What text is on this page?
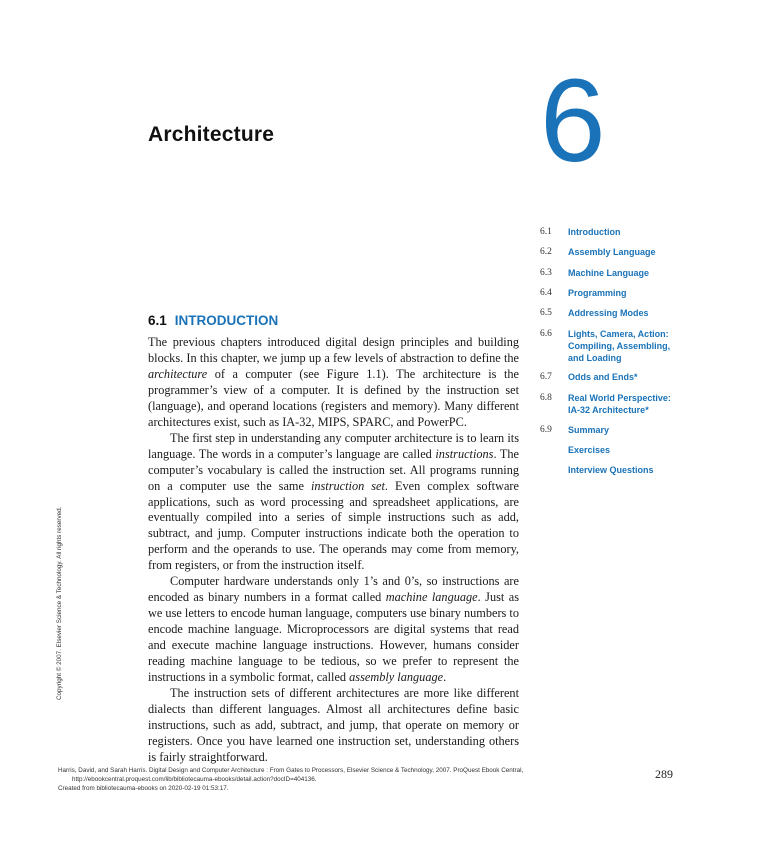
Architecture 6
6.1	Introduction
6.2	Assembly Language
6.3	Machine Language
6.4	Programming
6.5	Addressing Modes
6.6	Lights, Camera, Action: Compiling, Assembling, and Loading
6.7	Odds and Ends*
6.8	Real World Perspective: IA-32 Architecture*
6.9	Summary
Exercises
Interview Questions
6.1 INTRODUCTION

The previous chapters introduced digital design principles and building blocks. In this chapter, we jump up a few levels of abstraction to define the architecture of a computer (see Figure 1.1). The architecture is the programmer’s view of a computer. It is defined by the instruction set (language), and operand locations (registers and memory). Many different architectures exist, such as IA-32, MIPS, SPARC, and PowerPC.

The first step in understanding any computer architecture is to learn its language. The words in a computer’s language are called instructions. The computer’s vocabulary is called the instruction set. All programs running on a computer use the same instruction set. Even complex software applications, such as word processing and spreadsheet applications, are eventually compiled into a series of simple instructions such as add, subtract, and jump. Computer instructions indicate both the operation to perform and the operands to use. The operands may come from memory, from registers, or from the instruction itself.

Computer hardware understands only 1’s and 0’s, so instructions are encoded as binary numbers in a format called machine language. Just as we use letters to encode human language, computers use binary numbers to encode machine language. Microprocessors are digital systems that read and execute machine language instructions. However, humans consider reading machine language to be tedious, so we prefer to represent the instructions in a symbolic format, called assembly language.

The instruction sets of different architectures are more like different dialects than different languages. Almost all architectures define basic instructions, such as add, subtract, and jump, that operate on memory or registers. Once you have learned one instruction set, understanding others is fairly straightforward.

Copyright © 2007. Elsevier Science & Technology. All rights reserved.
Harris, David, and Sarah Harris. Digital Design and Computer Architecture : From Gates to Processors, Elsevier Science & Technology, 2007. ProQuest Ebook Central,
http://ebookcentral.proquest.com/lib/bibliotecauma-ebooks/detail.action?docID=404136.
Created from bibliotecauma-ebooks on 2020-02-19 01:53:17.
289
